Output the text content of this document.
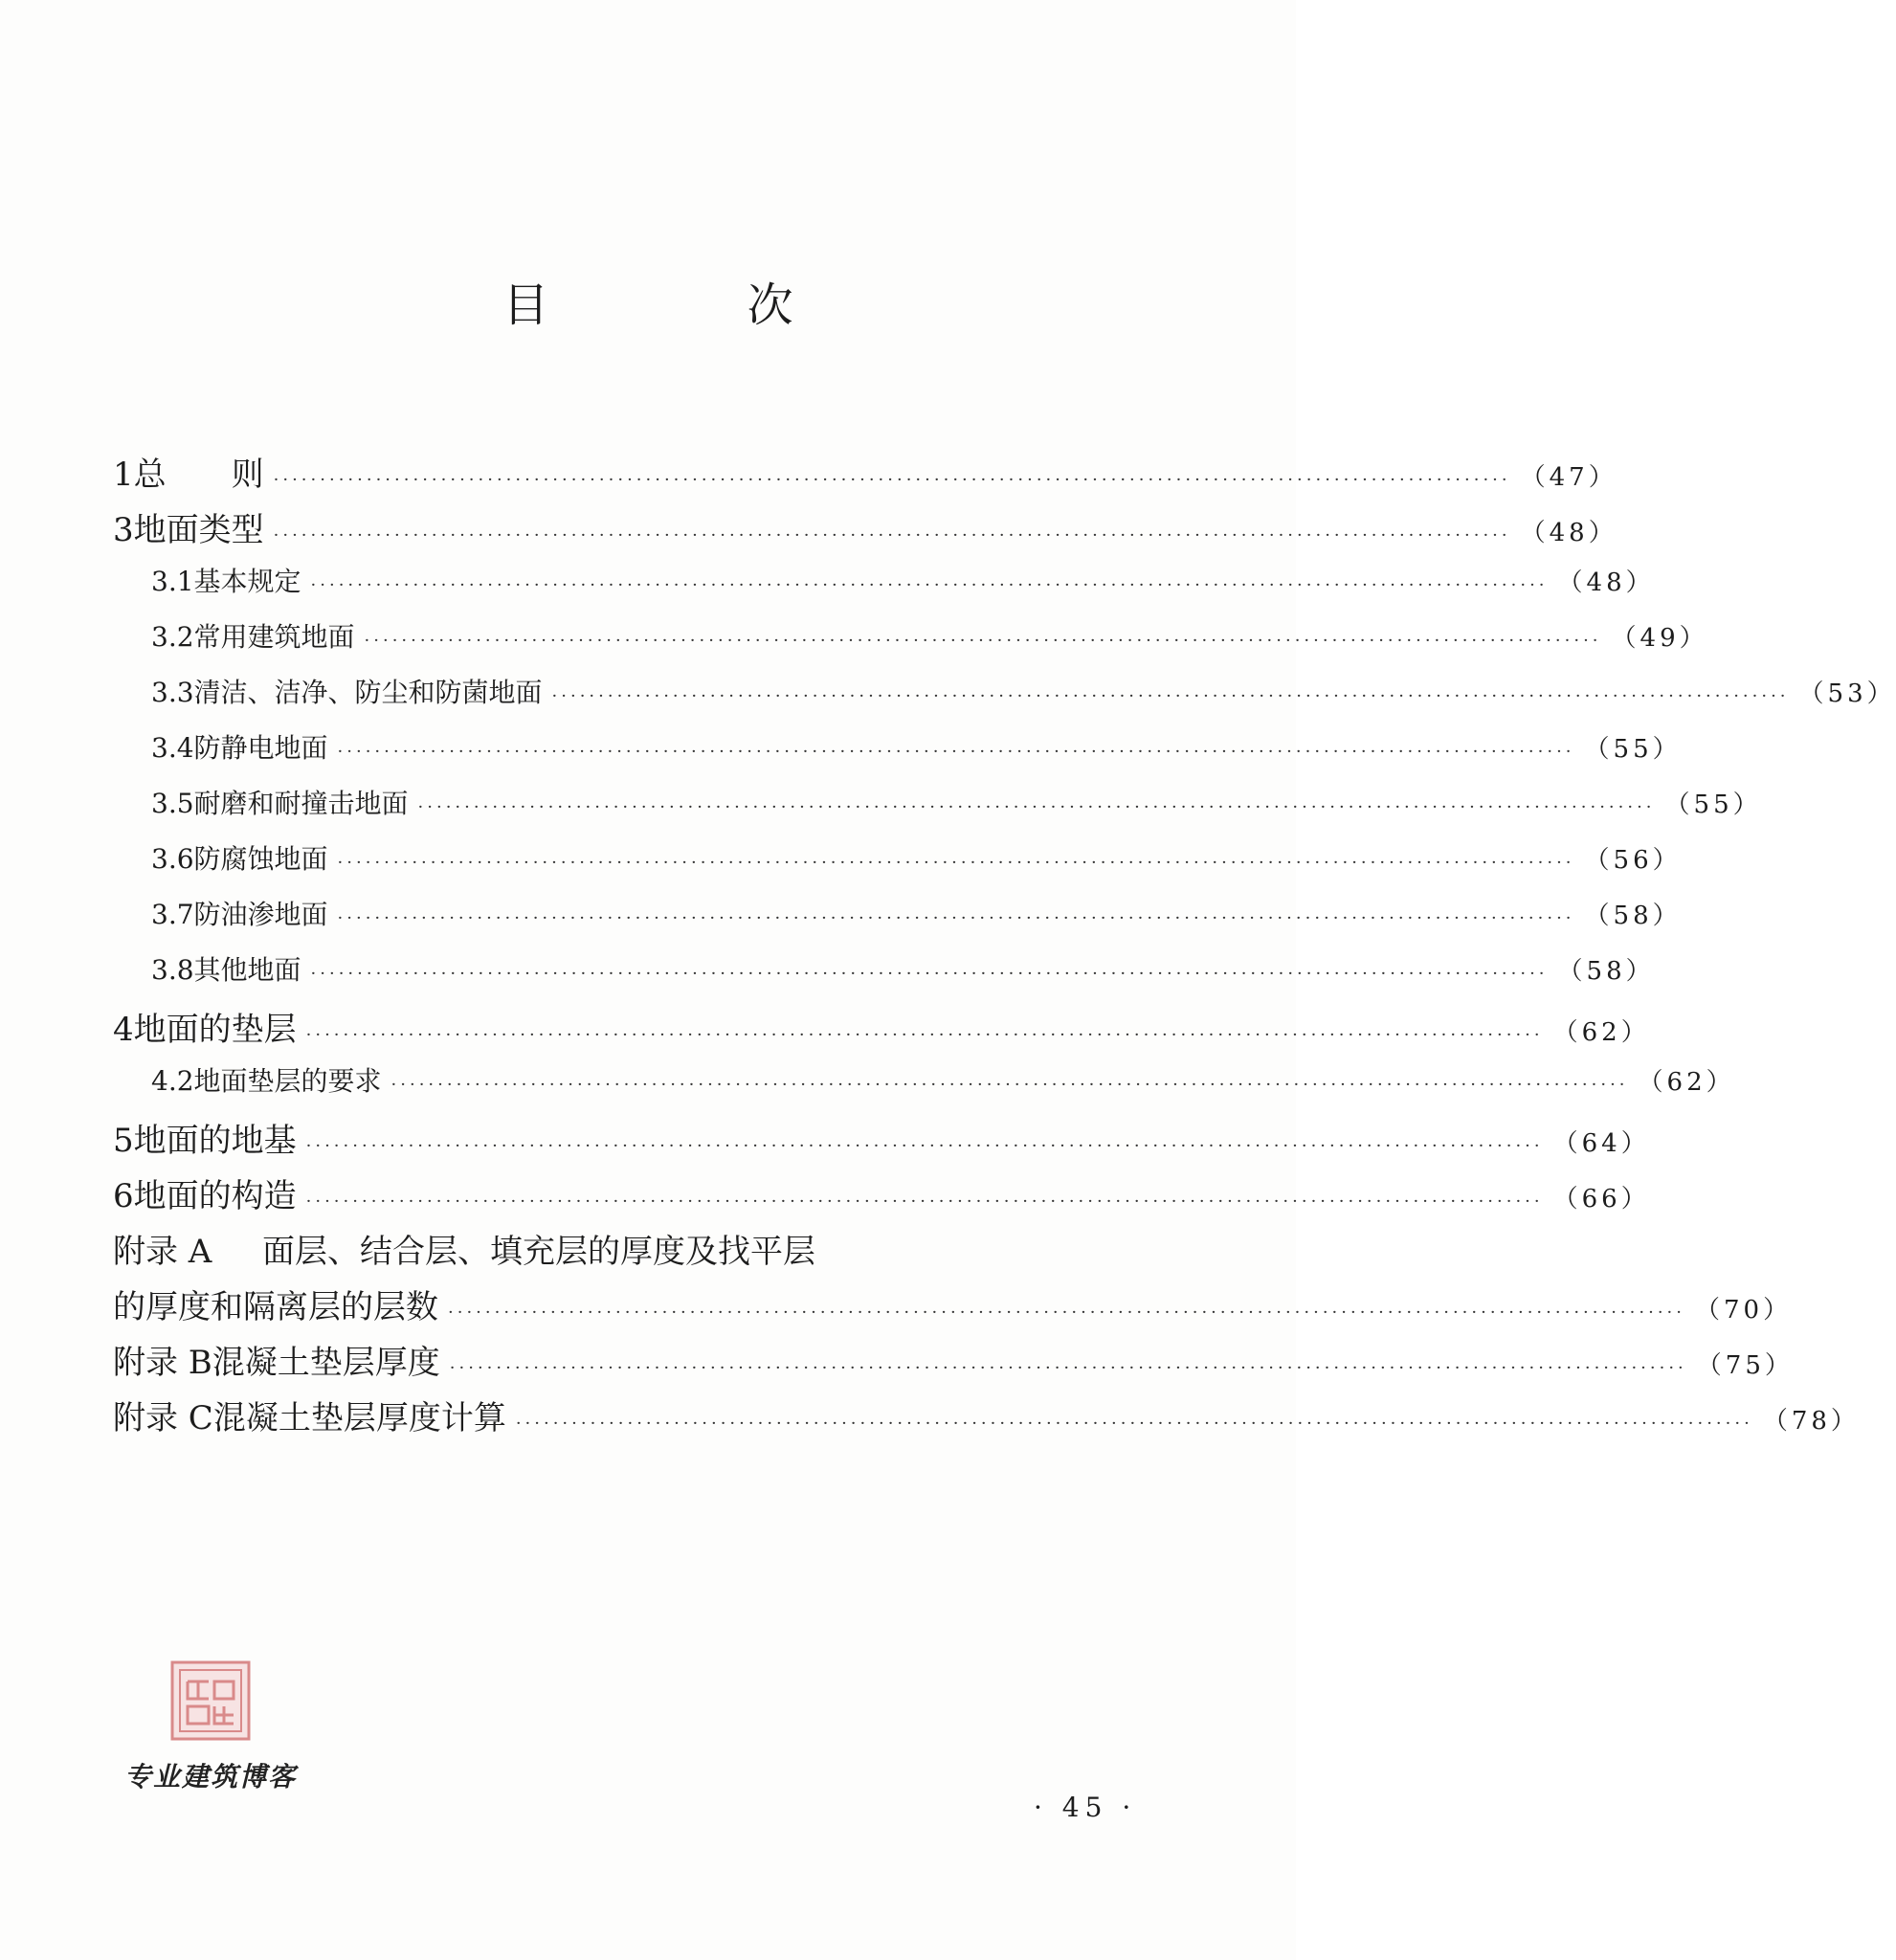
目 次
1 总　　则 ····································································································································· （47）
3 地面类型 ····································································································································· （48）
3.1 基本规定 ····································································································································· （48）
3.2 常用建筑地面 ····································································································································· （49）
3.3 清洁、洁净、防尘和防菌地面 ····································································································································· （53）
3.4 防静电地面 ····································································································································· （55）
3.5 耐磨和耐撞击地面 ····································································································································· （55）
3.6 防腐蚀地面 ····································································································································· （56）
3.7 防油渗地面 ····································································································································· （58）
3.8 其他地面 ····································································································································· （58）
4 地面的垫层 ····································································································································· （62）
4.2 地面垫层的要求 ····································································································································· （62）
5 地面的地基 ····································································································································· （64）
6 地面的构造 ····································································································································· （66）
附录 A	面层、结合层、填充层的厚度及找平层
的厚度和隔离层的层数 ····································································································································· （70）
附录 B 混凝土垫层厚度 ····································································································································· （75）
附录 C 混凝土垫层厚度计算 ····································································································································· （78）
专业建筑博客
· 45 ·
